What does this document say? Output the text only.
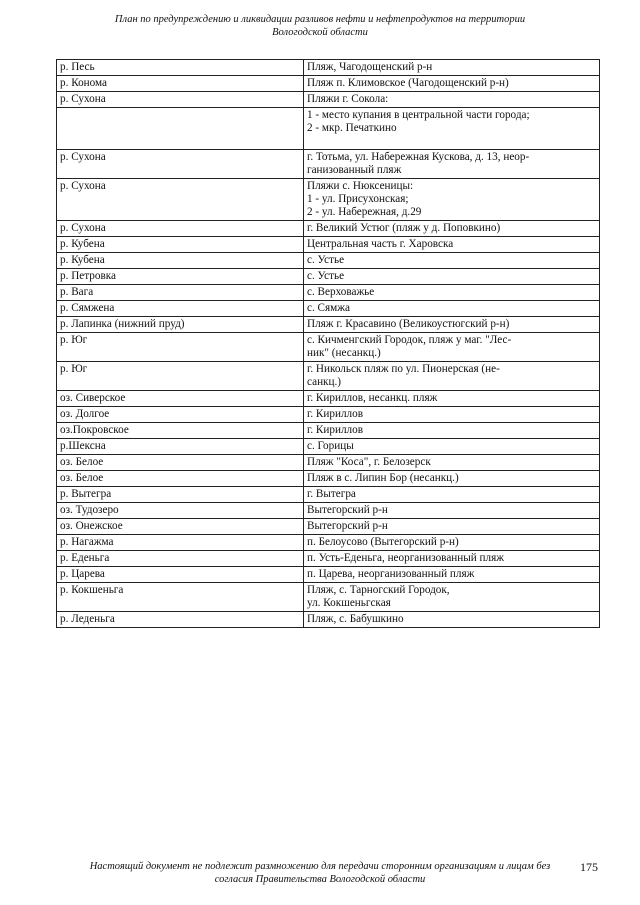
План по предупреждению и ликвидации разливов нефти и нефтепродуктов на территории
Вологодской области
р. Песь	Пляж, Чагодощенский р-н

р. Конома	Пляж п. Климовское (Чагодощенский р-н)

р. Сухона	Пляжи г. Сокола:

	1 - место купания в центральной части города;
2 - мкр. Печаткино

р. Сухона	г. Тотьма, ул. Набережная Кускова, д. 13, неор-
ганизованный пляж

р. Сухона	Пляжи с. Нюксеницы:
1 - ул. Присухонская;
2 - ул. Набережная, д.29

р. Сухона	г. Великий Устюг (пляж у д. Поповкино)

р. Кубена	Центральная часть г. Харовска

р. Кубена	с. Устье

р. Петровка	с. Устье

р. Вага	с. Верховажье

р. Сямжена	с. Сямжа

р. Лапинка (нижний пруд)	Пляж г. Красавино (Великоустюгский р-н)

р. Юг	с. Кичменгский Городок, пляж у маг. "Лес-
ник" (несанкц.)

р. Юг	г. Никольск пляж по ул. Пионерская (не-
санкц.)

оз. Сиверское	г. Кириллов, несанкц. пляж

оз. Долгое	г. Кириллов

оз.Покровское	г. Кириллов

р.Шексна	с. Горицы

оз. Белое	Пляж "Коса", г. Белозерск

оз. Белое	Пляж в с. Липин Бор (несанкц.)

р. Вытегра	г. Вытегра

оз. Тудозеро	Вытегорский р-н

оз. Онежское	Вытегорский р-н

р. Нагажма	п. Белоусово (Вытегорский р-н)

р. Еденьга	п. Усть-Еденьга, неорганизованный пляж

р. Царева	п. Царева, неорганизованный пляж

р. Кокшеньга	Пляж, с. Тарногский Городок,
ул. Кокшеньгская

р. Леденьга	Пляж, с. Бабушкино
Настоящий документ не подлежит размножению для передачи сторонним организациям и лицам без
согласия Правительства Вологодской области
175
